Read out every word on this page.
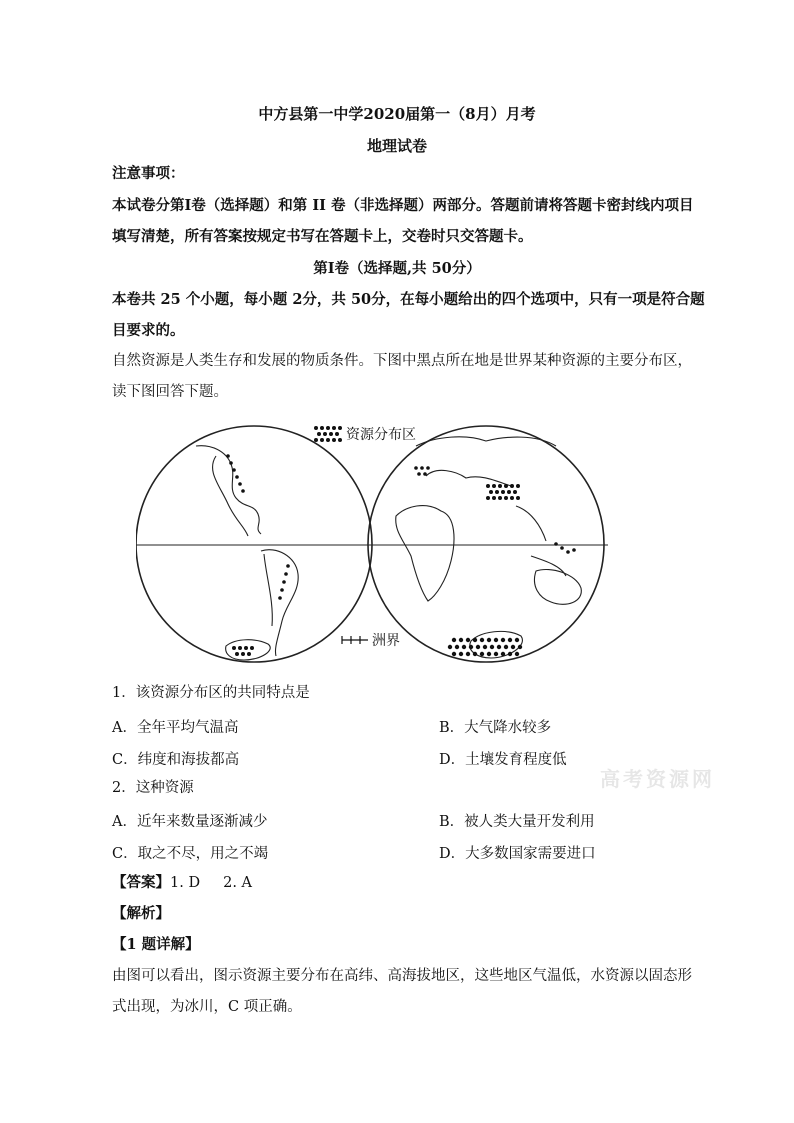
中方县第一中学2020届第一（8月）月考
地理试卷
注意事项：
本试卷分第Ⅰ卷（选择题）和第 II 卷（非选择题）两部分。答题前请将答题卡密封线内项目
填写清楚，所有答案按规定书写在答题卡上，交卷时只交答题卡。
第Ⅰ卷（选择题,共 50分）
本卷共 25 个小题，每小题 2分，共 50分，在每小题给出的四个选项中，只有一项是符合题
目要求的。
自然资源是人类生存和发展的物质条件。下图中黑点所在地是世界某种资源的主要分布区，
读下图回答下题。
资源分布区
洲界
1．该资源分布区的共同特点是
A．全年平均气温高	B．大气降水较多
C．纬度和海拔都高	D．土壤发育程度低
2．这种资源
A．近年来数量逐渐减少	B．被人类大量开发利用
C．取之不尽，用之不竭	D．大多数国家需要进口
【答案】1. D     2. A
【解析】
【1 题详解】
由图可以看出，图示资源主要分布在高纬、高海拔地区，这些地区气温低，水资源以固态形
式出现，为冰川，C 项正确。
高考资源网
